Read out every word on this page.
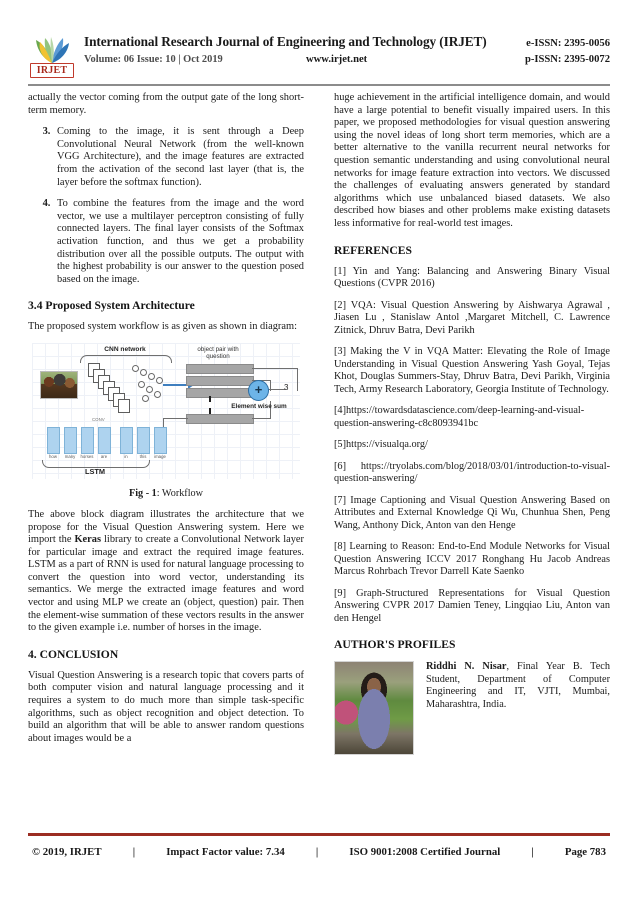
IRJET
International Research Journal of Engineering and Technology (IRJET)	e-ISSN: 2395-0056
Volume: 06 Issue: 10 | Oct 2019	www.irjet.net	p-ISSN: 2395-0072

actually the vector coming from the output gate of the long short-term memory.

3. Coming to the image, it is sent through a Deep Convolutional Neural Network (from the well-known VGG Architecture), and the image features are extracted from the activation of the second last layer (that is, the layer before the softmax function).
4. To combine the features from the image and the word vector, we use a multilayer perceptron consisting of fully connected layers. The final layer consists of the Softmax activation function, and thus we get a probability distribution over all the possible outputs. The output with the highest probability is our answer to the question posed based on the image.
3.4 Proposed System Architecture

The proposed system workflow is as given as shown in diagram:

CNN network
CONV
object pair with question
+
Element wise sum
3
how	many	horses	are	in	this	image
LSTM
Fig - 1: Workflow

The above block diagram illustrates the architecture that we propose for the Visual Question Answering system. Here we import the Keras library to create a Convolutional Network layer for particular image and extract the required image features. LSTM as a part of RNN is used for natural language processing to convert the question into word vector, understanding its semantics. We merge the extracted image features and word vector and using MLP we create an (object, question) pair. Then the element-wise summation of these vectors results in the answer to the given example i.e. number of horses in the image.

4. CONCLUSION

Visual Question Answering is a research topic that covers parts of both computer vision and natural language processing and it requires a system to do much more than simple task-specific algorithms, such as object recognition and object detection. To build an algorithm that will be able to answer random questions about images would be a

huge achievement in the artificial intelligence domain, and would have a large potential to benefit visually impaired users. In this paper, we proposed methodologies for visual question answering using the novel ideas of long short term memories, which are a better alternative to the vanilla recurrent neural networks for question semantic understanding and using convolutional neural networks for image feature extraction into vectors. We discussed the challenges of evaluating answers generated by standard algorithms which use unbalanced biased datasets. We also described how biases and other problems make existing datasets less informative for real-world test images.

REFERENCES

[1] Yin and Yang: Balancing and Answering Binary Visual Questions (CVPR 2016)

[2] VQA: Visual Question Answering by Aishwarya Agrawal , Jiasen Lu , Stanislaw Antol ,Margaret Mitchell, C. Lawrence Zitnick, Dhruv Batra, Devi Parikh

[3] Making the V in VQA Matter: Elevating the Role of Image Understanding in Visual Question Answering Yash Goyal, Tejas Khot, Douglas Summers-Stay, Dhruv Batra, Devi Parikh, Virginia Tech, Army Research Laboratory, Georgia Institute of Technology.

[4]https://towardsdatascience.com/deep-learning-and-visual-question-answering-c8c8093941bc

[5]https://visualqa.org/

[6] https://tryolabs.com/blog/2018/03/01/introduction-to-visual-question-answering/

[7] Image Captioning and Visual Question Answering Based on Attributes and External Knowledge Qi Wu, Chunhua Shen, Peng Wang, Anthony Dick, Anton van den Henge

[8] Learning to Reason: End-to-End Module Networks for Visual Question Answering ICCV 2017 Ronghang Hu Jacob Andreas Marcus Rohrbach Trevor Darrell Kate Saenko

[9] Graph-Structured Representations for Visual Question Answering CVPR 2017 Damien Teney, Lingqiao Liu, Anton van den Hengel

AUTHOR'S PROFILES

Riddhi N. Nisar, Final Year B. Tech Student, Department of Computer Engineering and IT, VJTI, Mumbai, Maharashtra, India.

© 2019, IRJET	|	Impact Factor value: 7.34	|	ISO 9001:2008 Certified Journal	|	Page 783
